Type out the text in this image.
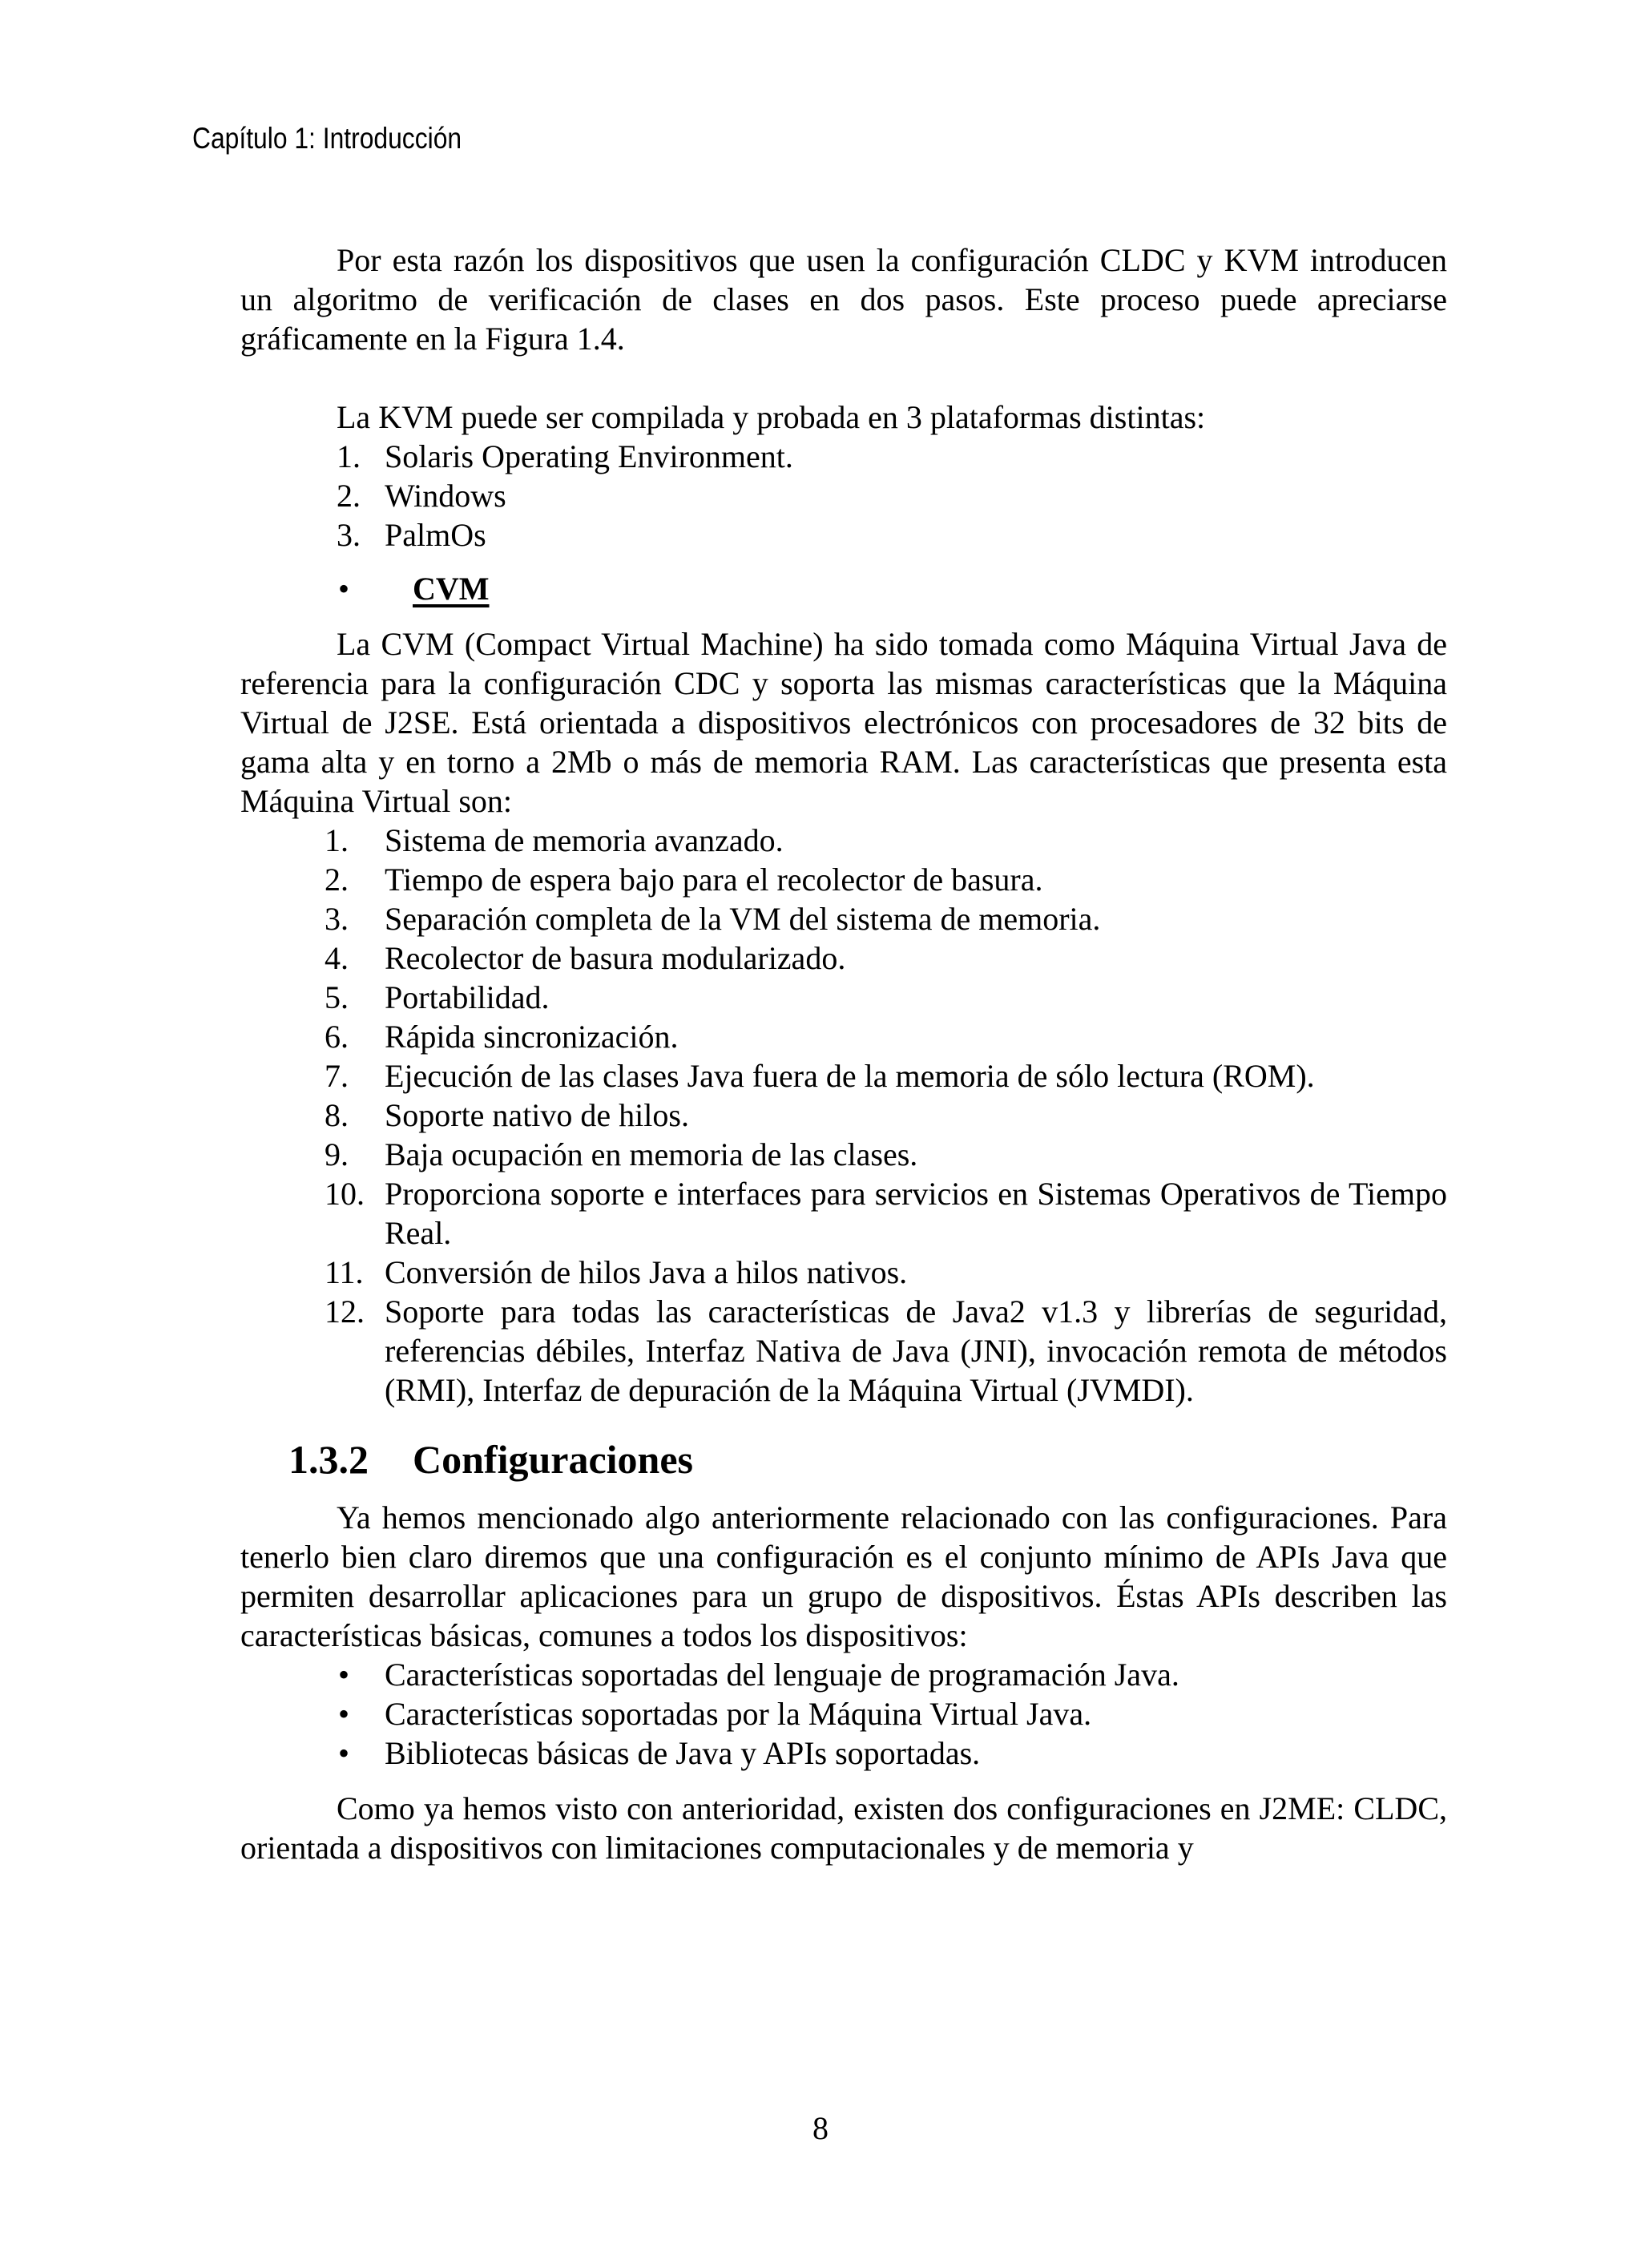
Capítulo 1: Introducción

Por esta razón los dispositivos que usen la configuración CLDC y KVM introducen un algoritmo de verificación de clases en dos pasos. Este proceso puede apreciarse gráficamente en la Figura 1.4.

La KVM puede ser compilada y probada en 3 plataformas distintas:

1. Solaris Operating Environment.
2. Windows
3. PalmOs
• CVM

La CVM (Compact Virtual Machine) ha sido tomada como Máquina Virtual Java de referencia para la configuración CDC y soporta las mismas características que la Máquina Virtual de J2SE. Está orientada a dispositivos electrónicos con procesadores de 32 bits de gama alta y en torno a 2Mb o más de memoria RAM. Las características que presenta esta Máquina Virtual son:

1. Sistema de memoria avanzado.
2. Tiempo de espera bajo para el recolector de basura.
3. Separación completa de la VM del sistema de memoria.
4. Recolector de basura modularizado.
5. Portabilidad.
6. Rápida sincronización.
7. Ejecución de las clases Java fuera de la memoria de sólo lectura (ROM).
8. Soporte nativo de hilos.
9. Baja ocupación en memoria de las clases.
10. Proporciona soporte e interfaces para servicios en Sistemas Operativos de Tiempo Real.
11. Conversión de hilos Java a hilos nativos.
12. Soporte para todas las características de Java2 v1.3 y librerías de seguridad, referencias débiles, Interfaz Nativa de Java (JNI), invocación remota de métodos (RMI), Interfaz de depuración de la Máquina Virtual (JVMDI).
1.3.2 Configuraciones

Ya hemos mencionado algo anteriormente relacionado con las configuraciones. Para tenerlo bien claro diremos que una configuración es el conjunto mínimo de APIs Java que permiten desarrollar aplicaciones para un grupo de dispositivos. Éstas APIs describen las características básicas, comunes a todos los dispositivos:

• Características soportadas del lenguaje de programación Java.
• Características soportadas por la Máquina Virtual Java.
• Bibliotecas básicas de Java y APIs soportadas.

Como ya hemos visto con anterioridad, existen dos configuraciones en J2ME: CLDC, orientada a dispositivos con limitaciones computacionales y de memoria y

8
